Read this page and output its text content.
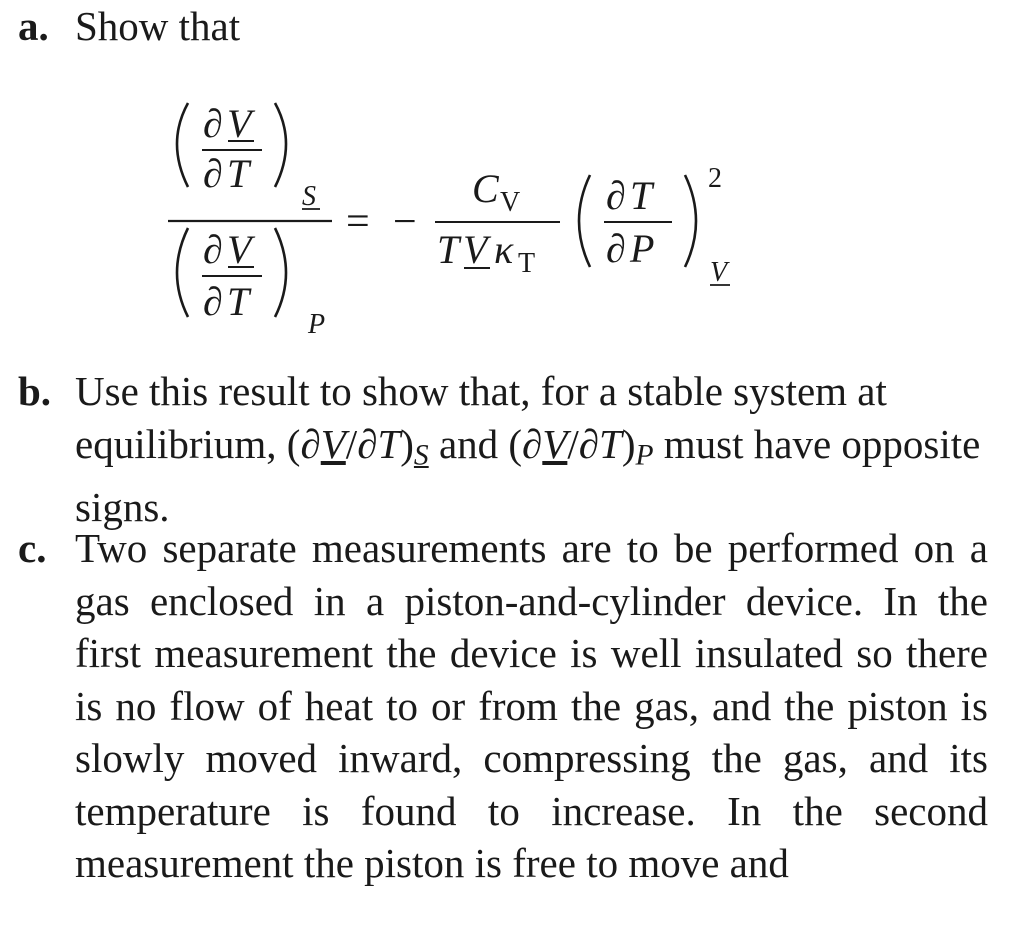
a. Show that
∂ V
∂ T
S
∂ V
∂ T
P
= −
C V
T V κ T
∂ T
∂ P
2
V
b. Use this result to show that, for a stable system at equilibrium, $(\partial V/\partial T)_S$ and $(\partial V/\partial T)_P$ must have opposite signs.
c. Two separate measurements are to be performed on a gas enclosed in a piston-and-cylinder device. In the first measurement the device is well insulated so there is no flow of heat to or from the gas, and the piston is slowly moved inward, compressing the gas, and its temperature is found to increase. In the second measurement the piston is free to move and
